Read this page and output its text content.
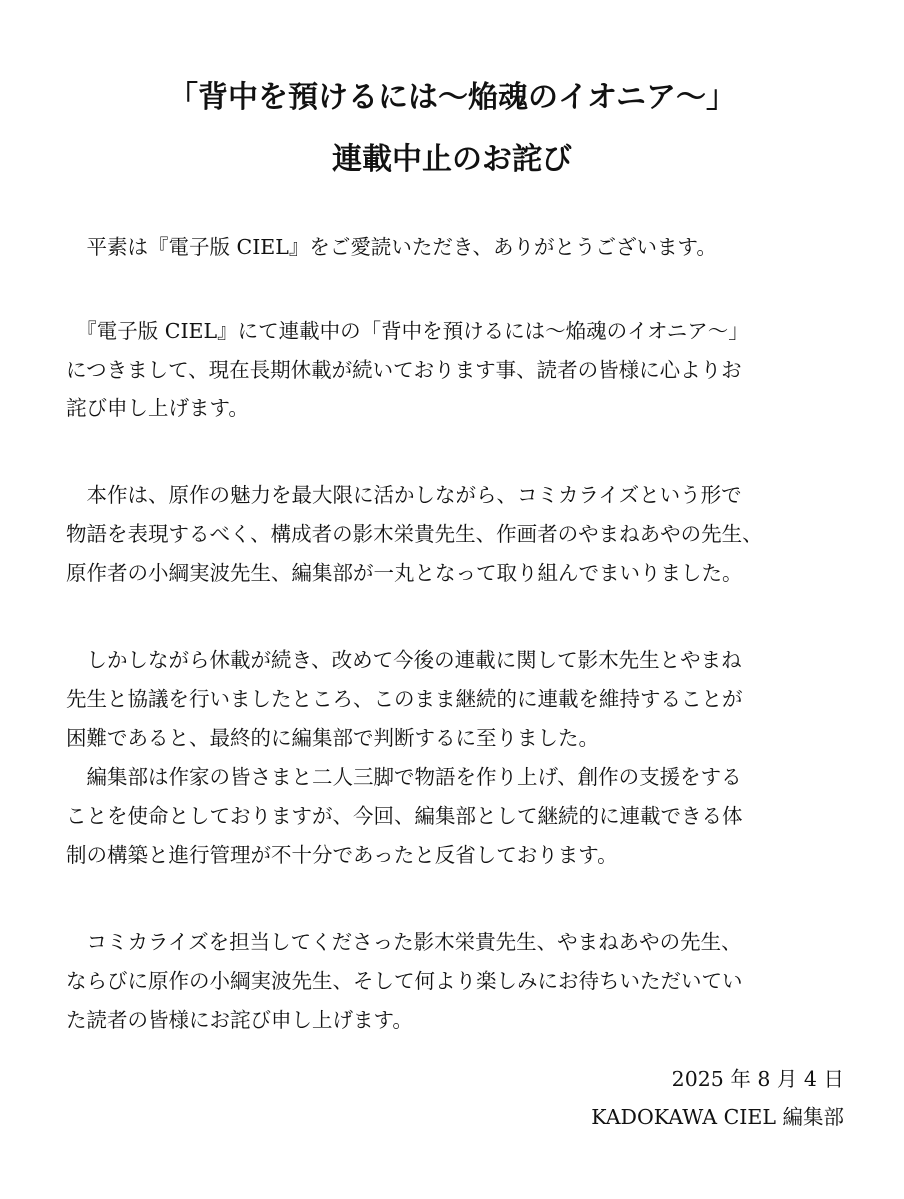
「背中を預けるには〜焔魂のイオニア〜」
連載中止のお詫び
　平素は『電子版 CIEL』をご愛読いただき、ありがとうございます。
　『電子版 CIEL』にて連載中の「背中を預けるには〜焔魂のイオニア〜」
につきまして、現在長期休載が続いております事、読者の皆様に心よりお
詫び申し上げます。
　本作は、原作の魅力を最大限に活かしながら、コミカライズという形で
物語を表現するべく、構成者の影木栄貴先生、作画者のやまねあやの先生、
原作者の小綱実波先生、編集部が一丸となって取り組んでまいりました。
　しかしながら休載が続き、改めて今後の連載に関して影木先生とやまね
先生と協議を行いましたところ、このまま継続的に連載を維持することが
困難であると、最終的に編集部で判断するに至りました。
　編集部は作家の皆さまと二人三脚で物語を作り上げ、創作の支援をする
ことを使命としておりますが、今回、編集部として継続的に連載できる体
制の構築と進行管理が不十分であったと反省しております。
　コミカライズを担当してくださった影木栄貴先生、やまねあやの先生、
ならびに原作の小綱実波先生、そして何より楽しみにお待ちいただいてい
た読者の皆様にお詫び申し上げます。
2025 年 8 月 4 日
KADOKAWA CIEL 編集部
